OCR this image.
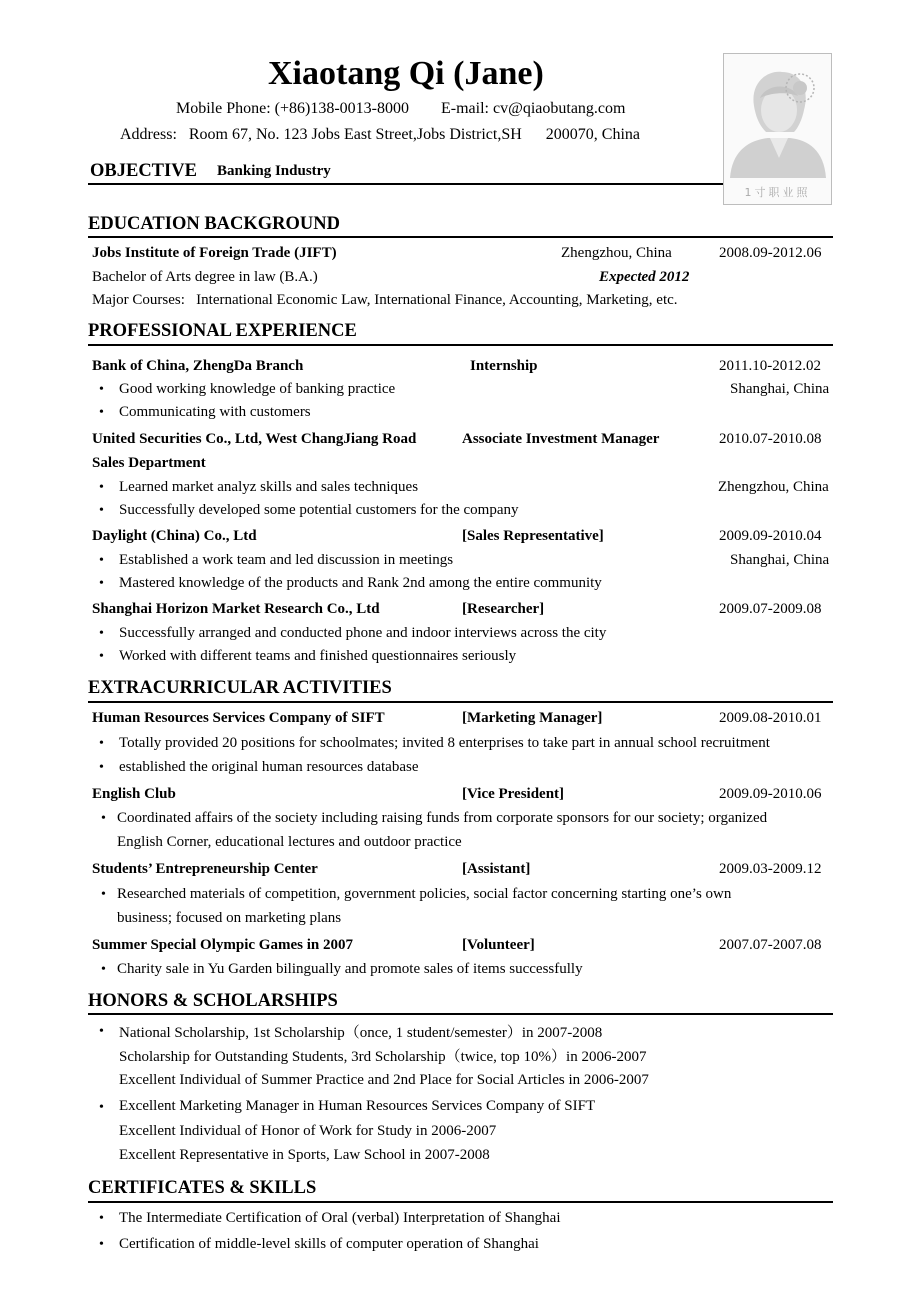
Xiaotang Qi (Jane)
Mobile Phone: (+86)138-0013-8000        E-mail: cv@qiaobutang.com
Address:   Room 67, No. 123 Jobs East Street,Jobs District,SH      200070, China
1寸职业照
OBJECTIVE Banking Industry
EDUCATION BACKGROUND
Jobs Institute of Foreign Trade (JIFT)	Zhengzhou, China	2008.09-2012.06
Bachelor of Arts degree in law (B.A.)	Expected 2012
Major Courses:   International Economic Law, International Finance, Accounting, Marketing, etc.
PROFESSIONAL EXPERIENCE
Bank of China, ZhengDa Branch	Internship	2011.10-2012.02
• Good working knowledge of banking practice	Shanghai, China
• Communicating with customers
United Securities Co., Ltd, West ChangJiang Road	Associate Investment Manager	2010.07-2010.08
Sales Department
• Learned market analyz skills and sales techniques	Zhengzhou, China
• Successfully developed some potential customers for the company
Daylight (China) Co., Ltd	[Sales Representative]	2009.09-2010.04
• Established a work team and led discussion in meetings	Shanghai, China
• Mastered knowledge of the products and Rank 2nd among the entire community
Shanghai Horizon Market Research Co., Ltd	[Researcher]	2009.07-2009.08
• Successfully arranged and conducted phone and indoor interviews across the city
• Worked with different teams and finished questionnaires seriously
EXTRACURRICULAR ACTIVITIES
Human Resources Services Company of SIFT	[Marketing Manager]	2009.08-2010.01
• Totally provided 20 positions for schoolmates; invited 8 enterprises to take part in annual school recruitment
• established the original human resources database
English Club	[Vice President]	2009.09-2010.06
• Coordinated affairs of the society including raising funds from corporate sponsors for our society; organized
English Corner, educational lectures and outdoor practice
Students’ Entrepreneurship Center	[Assistant]	2009.03-2009.12
• Researched materials of competition, government policies, social factor concerning starting one’s own
business; focused on marketing plans
Summer Special Olympic Games in 2007	[Volunteer]	2007.07-2007.08
• Charity sale in Yu Garden bilingually and promote sales of items successfully
HONORS & SCHOLARSHIPS
• National Scholarship, 1st Scholarship（once, 1 student/semester）in 2007-2008
Scholarship for Outstanding Students, 3rd Scholarship（twice, top 10%）in 2006-2007
Excellent Individual of Summer Practice and 2nd Place for Social Articles in 2006-2007
• Excellent Marketing Manager in Human Resources Services Company of SIFT
Excellent Individual of Honor of Work for Study in 2006-2007
Excellent Representative in Sports, Law School in 2007-2008
CERTIFICATES & SKILLS
• The Intermediate Certification of Oral (verbal) Interpretation of Shanghai
• Certification of middle-level skills of computer operation of Shanghai
